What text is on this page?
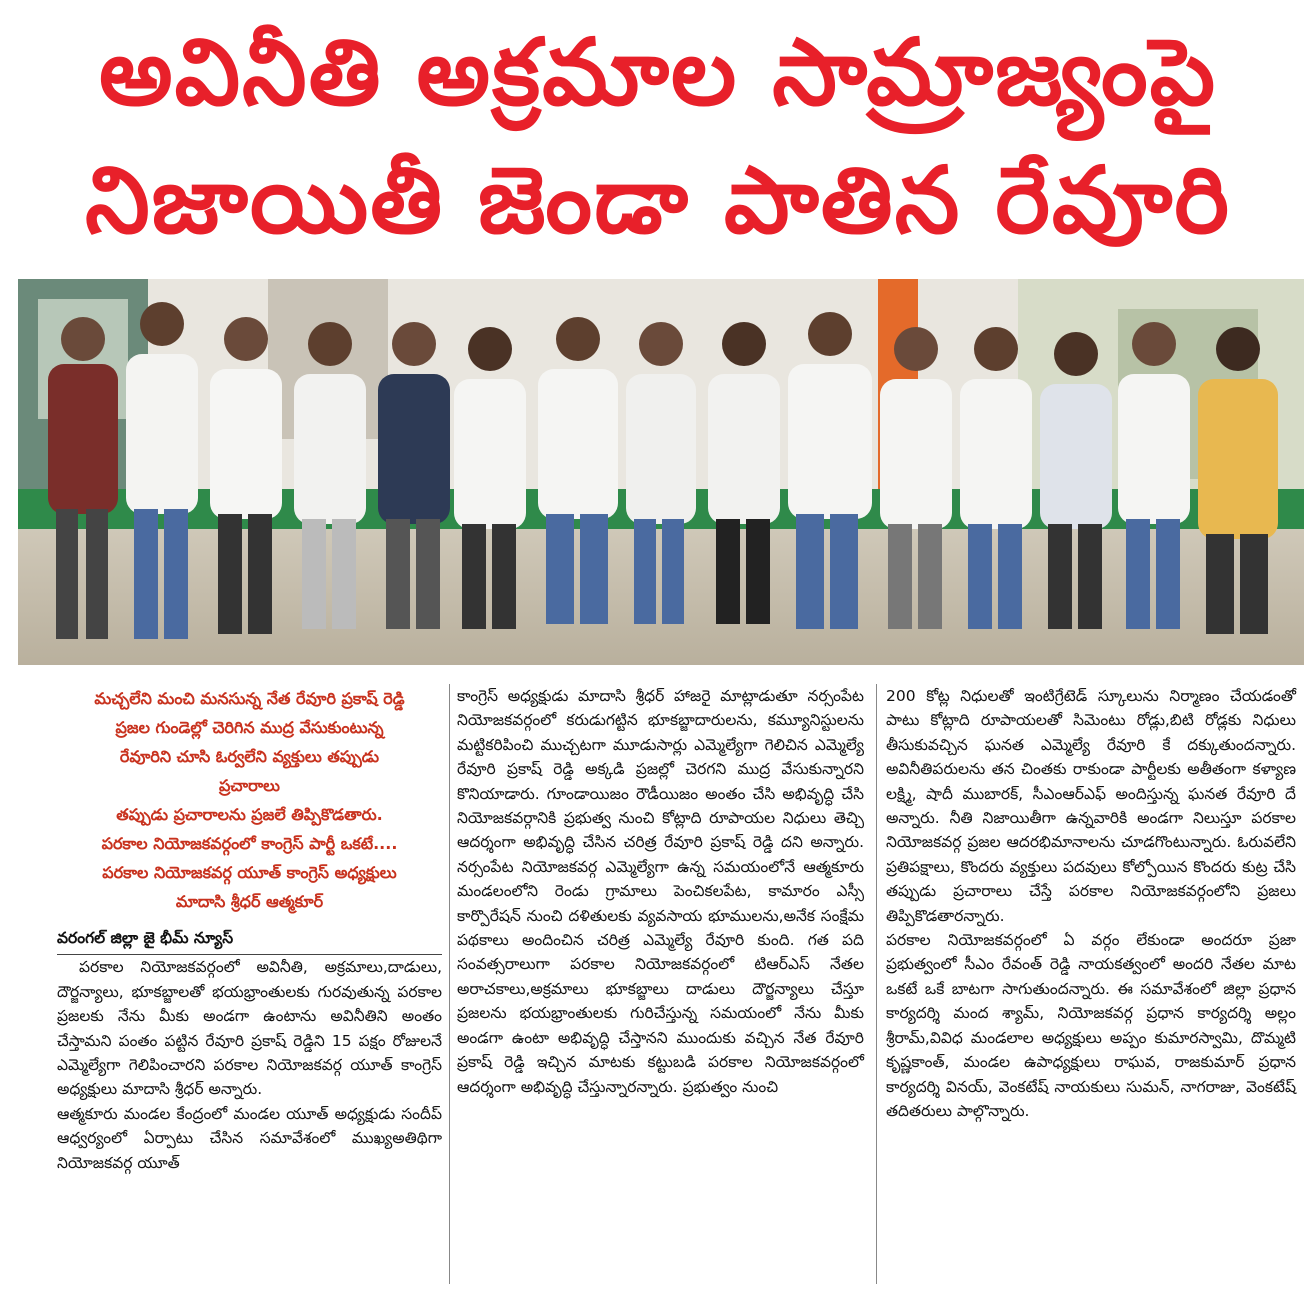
అవినీతి అక్రమాల సామ్రాజ్యంపై
నిజాయితీ జెండా పాతిన రేవూరి

మచ్చలేని మంచి మనసున్న నేత రేవూరి ప్రకాష్ రెడ్డి

ప్రజల గుండెల్లో చెరిగిన ముద్ర వేసుకుంటున్న

రేవూరిని చూసి ఓర్వలేని వ్యక్తులు తప్పుడు

ప్రచారాలు

తప్పుడు ప్రచారాలను ప్రజలే తిప్పికొడతారు.

పరకాల నియోజకవర్గంలో కాంగ్రెస్ పార్టీ ఒకటే....

పరకాల నియోజకవర్గ యూత్ కాంగ్రెస్ అధ్యక్షులు

మాదాసి శ్రీధర్ ఆత్మకూర్

వరంగల్ జిల్లా జై భీమ్ న్యూస్

పరకాల నియోజకవర్గంలో అవినీతి, అక్రమాలు,దాడులు, దౌర్జన్యాలు, భూకబ్జాలతో భయభ్రాంతులకు గురవుతున్న పరకాల ప్రజలకు నేను మీకు అండగా ఉంటాను అవినీతిని అంతం చేస్తామని పంతం పట్టిన రేవూరి ప్రకాష్ రెడ్డిని 15 పక్షం రోజులనే ఎమ్మెల్యేగా గెలిపించారని పరకాల నియోజకవర్గ యూత్ కాంగ్రెస్ అధ్యక్షులు మాదాసి శ్రీధర్ అన్నారు.

ఆత్మకూరు మండల కేంద్రంలో మండల యూత్ అధ్యక్షుడు సందీప్ ఆధ్వర్యంలో ఏర్పాటు చేసిన సమావేశంలో ముఖ్యఅతిథిగా నియోజకవర్గ యూత్

కాంగ్రెస్ అధ్యక్షుడు మాదాసి శ్రీధర్ హాజరై మాట్లాడుతూ నర్సంపేట నియోజకవర్గంలో కరుడుగట్టిన భూకబ్జాదారులను, కమ్యూనిస్టులను మట్టికరిపించి ముచ్చటగా మూడుసార్లు ఎమ్మెల్యేగా గెలిచిన ఎమ్మెల్యే రేవూరి ప్రకాష్ రెడ్డి అక్కడి ప్రజల్లో చెరగని ముద్ర వేసుకున్నారని కొనియాడారు. గూండాయిజం రౌడీయిజం అంతం చేసి అభివృద్ధి చేసి నియోజకవర్గానికి ప్రభుత్వ నుంచి కోట్లాది రూపాయల నిధులు తెచ్చి ఆదర్శంగా అభివృద్ధి చేసిన చరిత్ర రేవూరి ప్రకాష్ రెడ్డి దని అన్నారు. నర్సంపేట నియోజకవర్గ ఎమ్మెల్యేగా ఉన్న సమయంలోనే ఆత్మకూరు మండలంలోని రెండు గ్రామాలు పెంచికలపేట, కామారం ఎస్సీ కార్పొరేషన్ నుంచి దళితులకు వ్యవసాయ భూములను,అనేక సంక్షేమ పథకాలు అందించిన చరిత్ర ఎమ్మెల్యే రేవూరి కుంది. గత పది సంవత్సరాలుగా పరకాల నియోజకవర్గంలో టిఆర్ఎస్ నేతల అరాచకాలు,అక్రమాలు భూకబ్జాలు దాడులు దౌర్జన్యాలు చేస్తూ ప్రజలను భయభ్రాంతులకు గురిచేస్తున్న సమయంలో నేను మీకు అండగా ఉంటా అభివృద్ధి చేస్తానని ముందుకు వచ్చిన నేత రేవూరి ప్రకాష్ రెడ్డి ఇచ్చిన మాటకు కట్టుబడి పరకాల నియోజకవర్గంలో ఆదర్శంగా అభివృద్ధి చేస్తున్నారన్నారు. ప్రభుత్వం నుంచి

200 కోట్ల నిధులతో ఇంటిగ్రేటెడ్ స్కూలును నిర్మాణం చేయడంతో పాటు కోట్లాది రూపాయలతో సిమెంటు రోడ్లు,బిటి రోడ్లకు నిధులు తీసుకువచ్చిన ఘనత ఎమ్మెల్యే రేవూరి కే దక్కుతుందన్నారు. అవినీతిపరులను తన చింతకు రాకుండా పార్టీలకు అతీతంగా కళ్యాణ లక్ష్మి, షాదీ ముబారక్, సీఎంఆర్ఎఫ్ అందిస్తున్న ఘనత రేవూరి దే అన్నారు. నీతి నిజాయితీగా ఉన్నవారికి అండగా నిలుస్తూ పరకాల నియోజకవర్గ ప్రజల ఆదరభిమానాలను చూడగొంటున్నారు. ఓరువలేని ప్రతిపక్షాలు, కొందరు వ్యక్తులు పదవులు కోల్పోయిన కొందరు కుట్ర చేసి తప్పుడు ప్రచారాలు చేస్తే పరకాల నియోజకవర్గంలోని ప్రజలు తిప్పికొడతారన్నారు.

పరకాల నియోజకవర్గంలో ఏ వర్గం లేకుండా అందరూ ప్రజా ప్రభుత్వంలో సీఎం రేవంత్ రెడ్డి నాయకత్వంలో అందరి నేతల మాట ఒకటే ఒకే బాటగా సాగుతుందన్నారు. ఈ సమావేశంలో జిల్లా ప్రధాన కార్యదర్శి మంద శ్యామ్, నియోజకవర్గ ప్రధాన కార్యదర్శి అల్లం శ్రీరామ్,వివిధ మండలాల అధ్యక్షులు అప్పం కుమారస్వామి, దొమ్మటి కృష్ణకాంత్, మండల ఉపాధ్యక్షులు రాఘవ, రాజకుమార్ ప్రధాన కార్యదర్శి వినయ్, వెంకటేష్ నాయకులు సుమన్, నాగరాజు, వెంకటేష్ తదితరులు పాల్గొన్నారు.
